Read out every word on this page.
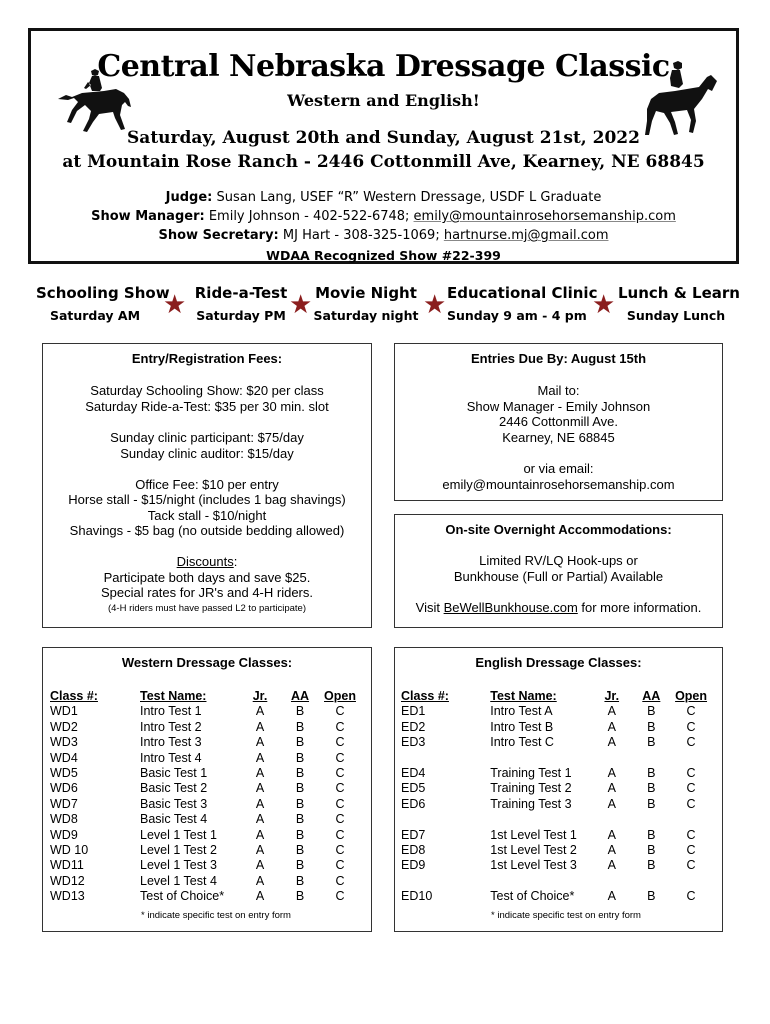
Central Nebraska Dressage Classic
Western and English!
Saturday, August 20th and Sunday, August 21st, 2022
at Mountain Rose Ranch - 2446 Cottonmill Ave, Kearney, NE 68845
Judge: Susan Lang, USEF “R” Western Dressage, USDF L Graduate
Show Manager: Emily Johnson - 402-522-6748; emily@mountainrosehorsemanship.com
Show Secretary: MJ Hart - 308-325-1069; hartnurse.mj@gmail.com
WDAA Recognized Show #22-399
Schooling Show
Saturday AM ★ Ride-a-Test
Saturday PM ★ Movie Night
Saturday night ★ Educational Clinic
Sunday 9 am - 4 pm ★ Lunch & Learn
Sunday Lunch
Entry/Registration Fees:
Saturday Schooling Show: $20 per class
Saturday Ride-a-Test: $35 per 30 min. slot
Sunday clinic participant: $75/day
Sunday clinic auditor: $15/day
Office Fee: $10 per entry
Horse stall - $15/night (includes 1 bag shavings)
Tack stall - $10/night
Shavings - $5 bag (no outside bedding allowed)
Discounts:
Participate both days and save $25.
Special rates for JR's and 4-H riders.
(4-H riders must have passed L2 to participate)
Entries Due By: August 15th
Mail to:
Show Manager - Emily Johnson
2446 Cottonmill Ave.
Kearney, NE 68845
or via email:
emily@mountainrosehorsemanship.com
On-site Overnight Accommodations:
Limited RV/LQ Hook-ups or
Bunkhouse (Full or Partial) Available
Visit BeWellBunkhouse.com for more information.
Western Dressage Classes:
Class #:	Test Name:	Jr.	AA	Open
WD1	Intro Test 1	A	B	C
WD2	Intro Test 2	A	B	C
WD3	Intro Test 3	A	B	C
WD4	Intro Test 4	A	B	C
WD5	Basic Test 1	A	B	C
WD6	Basic Test 2	A	B	C
WD7	Basic Test 3	A	B	C
WD8	Basic Test 4	A	B	C
WD9	Level 1 Test 1	A	B	C
WD 10	Level 1 Test 2	A	B	C
WD11	Level 1 Test 3	A	B	C
WD12	Level 1 Test 4	A	B	C
WD13	Test of Choice*	A	B	C
* indicate specific test on entry form
English Dressage Classes:
Class #:	Test Name:	Jr.	AA	Open
ED1	Intro Test A	A	B	C
ED2	Intro Test B	A	B	C
ED3	Intro Test C	A	B	C

ED4	Training Test 1	A	B	C
ED5	Training Test 2	A	B	C
ED6	Training Test 3	A	B	C

ED7	1st Level Test 1	A	B	C
ED8	1st Level Test 2	A	B	C
ED9	1st Level Test 3	A	B	C

ED10	Test of Choice*	A	B	C
* indicate specific test on entry form
